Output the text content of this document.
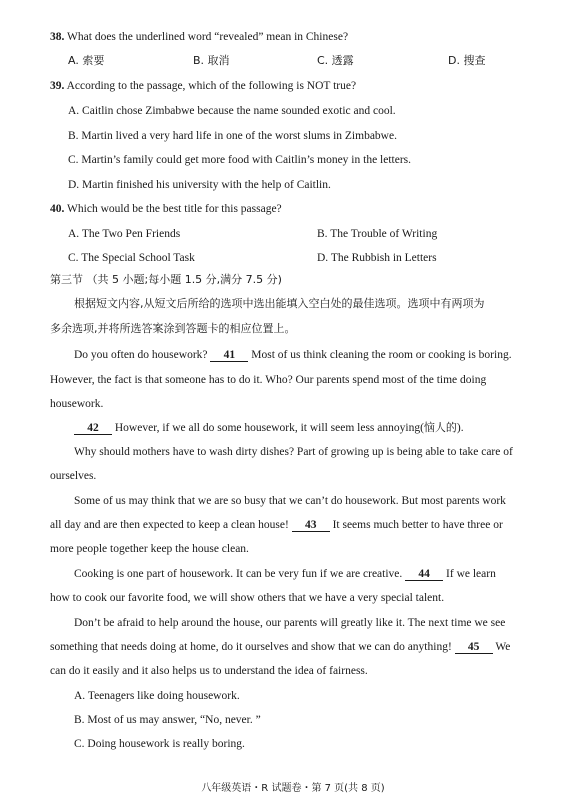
38. What does the underlined word “revealed” mean in Chinese?
A. 索要	B. 取消	C. 透露	D. 搜查
39. According to the passage, which of the following is NOT true?
A. Caitlin chose Zimbabwe because the name sounded exotic and cool.
B. Martin lived a very hard life in one of the worst slums in Zimbabwe.
C. Martin’s family could get more food with Caitlin’s money in the letters.
D. Martin finished his university with the help of Caitlin.
40. Which would be the best title for this passage?
A. The Two Pen Friends	B. The Trouble of Writing
C. The Special School Task	D. The Rubbish in Letters
第三节 （共 5 小题;每小题 1.5 分,满分 7.5 分)
根据短文内容,从短文后所给的选项中选出能填入空白处的最佳选项。选项中有两项为
多余选项,并将所选答案涂到答题卡的相应位置上。
Do you often do housework? 41 Most of us think cleaning the room or cooking is boring.
However, the fact is that someone has to do it. Who? Our parents spend most of the time doing
housework.
42 However, if we all do some housework, it will seem less annoying(恼人的).
Why should mothers have to wash dirty dishes? Part of growing up is being able to take care of
ourselves.
Some of us may think that we are so busy that we can’t do housework. But most parents work
all day and are then expected to keep a clean house! 43 It seems much better to have three or
more people together keep the house clean.
Cooking is one part of housework. It can be very fun if we are creative. 44 If we learn
how to cook our favorite food, we will show others that we have a very special talent.
Don’t be afraid to help around the house, our parents will greatly like it. The next time we see
something that needs doing at home, do it ourselves and show that we can do anything! 45 We
can do it easily and it also helps us to understand the idea of fairness.
A. Teenagers like doing housework.
B. Most of us may answer, “No, never. ”
C. Doing housework is really boring.
八年级英语・R 试题卷・第 7 页(共 8 页)
